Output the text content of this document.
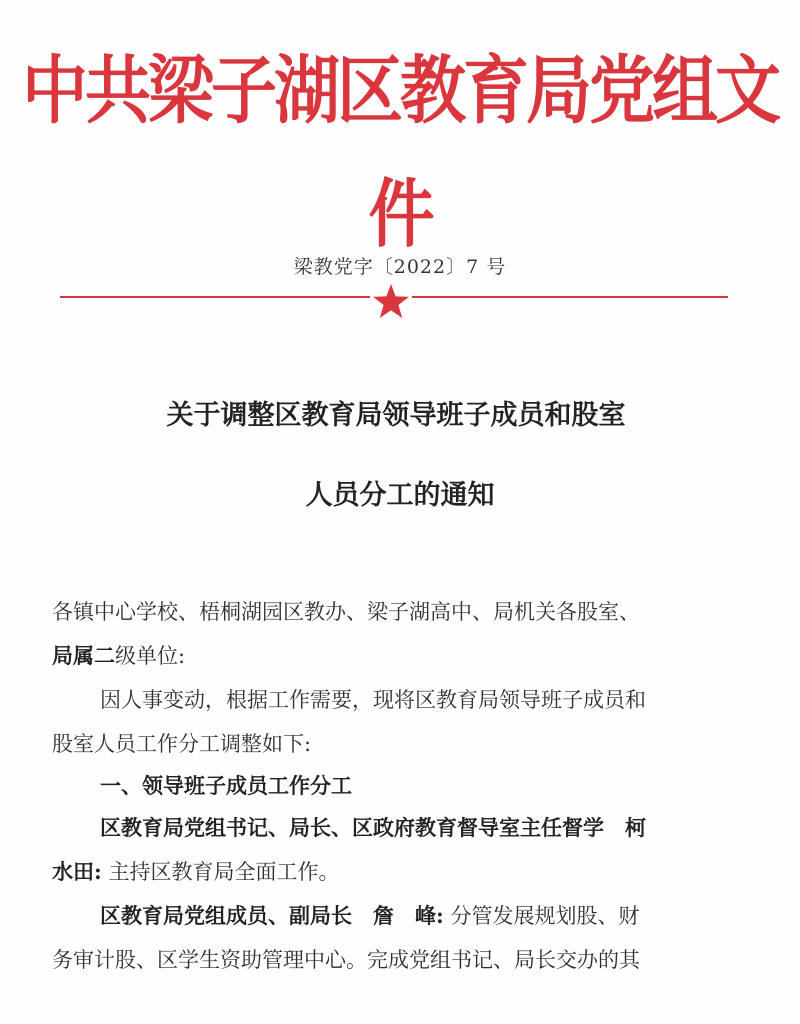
中共梁子湖区教育局党组文件
梁教党字〔2022〕7 号
关于调整区教育局领导班子成员和股室
人员分工的通知
各镇中心学校、梧桐湖园区教办、梁子湖高中、局机关各股室、
局属二级单位:
因人事变动，根据工作需要，现将区教育局领导班子成员和
股室人员工作分工调整如下:
一、领导班子成员工作分工
区教育局党组书记、局长、区政府教育督导室主任督学　柯
水田: 主持区教育局全面工作。
区教育局党组成员、副局长　詹　峰: 分管发展规划股、财
务审计股、区学生资助管理中心。完成党组书记、局长交办的其
